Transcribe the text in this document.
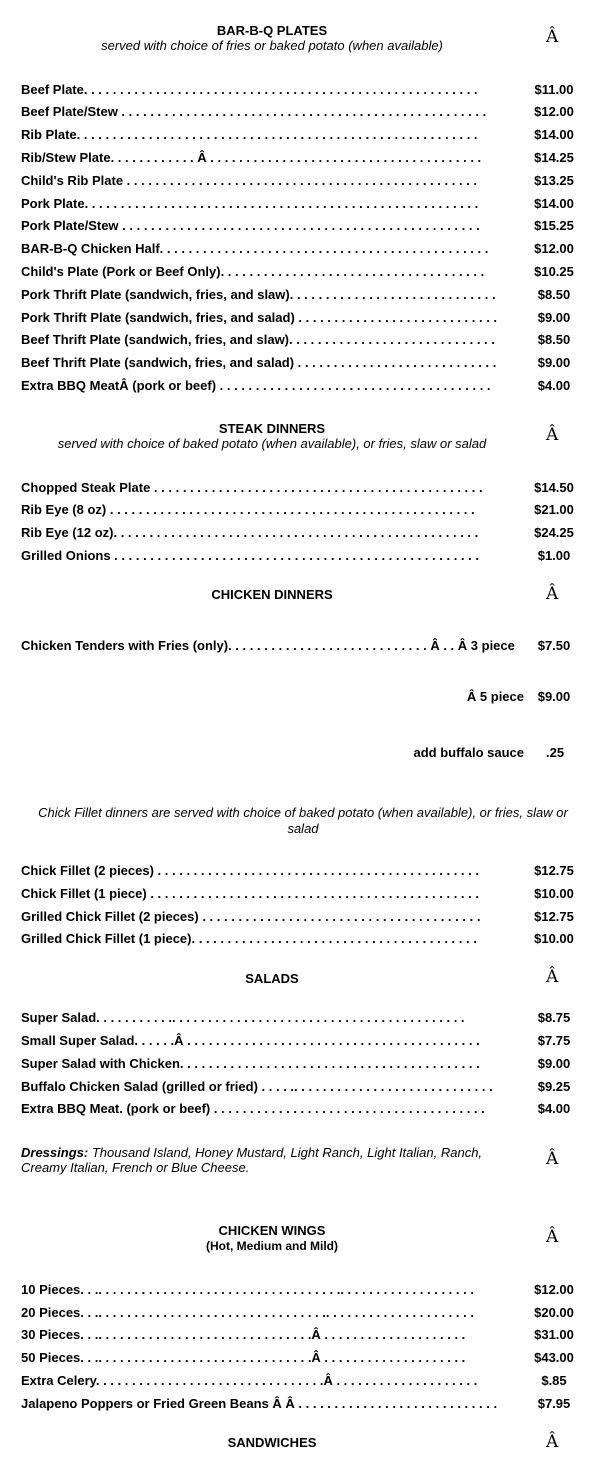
BAR-B-Q PLATES
served with choice of fries or baked potato (when available)	Â
Beef Plate. . . . . . . . . . . . . . . . . . . . . . . . . . . . . . . . . . . . . . . . . . . . . . . . . . . . . . .	$11.00
Beef Plate/Stew . . . . . . . . . . . . . . . . . . . . . . . . . . . . . . . . . . . . . . . . . . . . . . . . . . .	$12.00
Rib Plate. . . . . . . . . . . . . . . . . . . . . . . . . . . . . . . . . . . . . . . . . . . . . . . . . . . . . . . .	$14.00
Rib/Stew Plate. . . . . . . . . . . . Â . . . . . . . . . . . . . . . . . . . . . . . . . . . . . . . . . . . . . .	$14.25
Child's Rib Plate . . . . . . . . . . . . . . . . . . . . . . . . . . . . . . . . . . . . . . . . . . . . . . . . .	$13.25
Pork Plate. . . . . . . . . . . . . . . . . . . . . . . . . . . . . . . . . . . . . . . . . . . . . . . . . . . . . . .	$14.00
Pork Plate/Stew . . . . . . . . . . . . . . . . . . . . . . . . . . . . . . . . . . . . . . . . . . . . . . . . . .	$15.25
BAR-B-Q Chicken Half. . . . . . . . . . . . . . . . . . . . . . . . . . . . . . . . . . . . . . . . . . . . . .	$12.00
Child's Plate (Pork or Beef Only). . . . . . . . . . . . . . . . . . . . . . . . . . . . . . . . . . . . .	$10.25
Pork Thrift Plate (sandwich, fries, and slaw). . . . . . . . . . . . . . . . . . . . . . . . . . . . .	$8.50
Pork Thrift Plate (sandwich, fries, and salad) . . . . . . . . . . . . . . . . . . . . . . . . . . . .	$9.00
Beef Thrift Plate (sandwich, fries, and slaw). . . . . . . . . . . . . . . . . . . . . . . . . . . . .	$8.50
Beef Thrift Plate (sandwich, fries, and salad) . . . . . . . . . . . . . . . . . . . . . . . . . . . .	$9.00
Extra BBQ MeatÂ (pork or beef) . . . . . . . . . . . . . . . . . . . . . . . . . . . . . . . . . . . . . .	$4.00
STEAK DINNERS
served with choice of baked potato (when available), or fries, slaw or salad	Â
Chopped Steak Plate . . . . . . . . . . . . . . . . . . . . . . . . . . . . . . . . . . . . . . . . . . . . . .	$14.50
Rib Eye (8 oz) . . . . . . . . . . . . . . . . . . . . . . . . . . . . . . . . . . . . . . . . . . . . . . . . . . .	$21.00
Rib Eye (12 oz). . . . . . . . . . . . . . . . . . . . . . . . . . . . . . . . . . . . . . . . . . . . . . . . . . .	$24.25
Grilled Onions . . . . . . . . . . . . . . . . . . . . . . . . . . . . . . . . . . . . . . . . . . . . . . . . . . .	$1.00
CHICKEN DINNERS	Â
Chicken Tenders with Fries (only). . . . . . . . . . . . . . . . . . . . . . . . . . . . Â . . Â 3 piece	$7.50
Â 5 piece	$9.00
add buffalo sauce .25
Chick Fillet dinners are served with choice of baked potato (when available), or fries, slaw or salad
Chick Fillet (2 pieces) . . . . . . . . . . . . . . . . . . . . . . . . . . . . . . . . . . . . . . . . . . . . .	$12.75
Chick Fillet (1 piece) . . . . . . . . . . . . . . . . . . . . . . . . . . . . . . . . . . . . . . . . . . . . . .	$10.00
Grilled Chick Fillet (2 pieces) . . . . . . . . . . . . . . . . . . . . . . . . . . . . . . . . . . . . . . .	$12.75
Grilled Chick Fillet (1 piece). . . . . . . . . . . . . . . . . . . . . . . . . . . . . . . . . . . . . . . .	$10.00
SALADS	Â
Super Salad. . . . . . . . . . .. . . . . . . . . . . . . . . . . . . . . . . . . . . . . . . . . . . . . . . . .	$8.75
Small Super Salad. . . . . .Â . . . . . . . . . . . . . . . . . . . . . . . . . . . . . . . . . . . . . . . . .	$7.75
Super Salad with Chicken. . . . . . . . . . . . . . . . . . . . . . . . . . . . . . . . . . . . . . . . . .	$9.00
Buffalo Chicken Salad (grilled or fried) . . . . .. . . . . . . . . . . . . . . . . . . . . . . . . . . .	$9.25
Extra BBQ Meat. (pork or beef) . . . . . . . . . . . . . . . . . . . . . . . . . . . . . . . . . . . . . .	$4.00
Dressings: Thousand Island, Honey Mustard, Light Ranch, Light Italian, Ranch, Creamy Italian, French or Blue Cheese.	Â
CHICKEN WINGS
(Hot, Medium and Mild)	Â
10 Pieces. . .. . . . . . . . . . . . . . . . . . . . . . . . . . . . . . . . . .. . . . . . . . . . . . . . . . . . .	$12.00
20 Pieces. . .. . . . . . . . . . . . . . . . . . . . . . . . . . . . . . . .. . . . . . . . . . . . . . . . . . . . .	$20.00
30 Pieces. . .. . . . . . . . . . . . . . . . . . . . . . . . . . . . . .Â . . . . . . . . . . . . . . . . . . . .	$31.00
50 Pieces. . .. . . . . . . . . . . . . . . . . . . . . . . . . . . . . .Â . . . . . . . . . . . . . . . . . . . .	$43.00
Extra Celery. . . . . . . . . . . . . . . . . . . . . . . . . . . . . . . .Â . . . . . . . . . . . . . . . . . . . .	$.85
Jalapeno Poppers or Fried Green Beans Â Â . . . . . . . . . . . . . . . . . . . . . . . . . . . .	$7.95
SANDWICHES	Â
